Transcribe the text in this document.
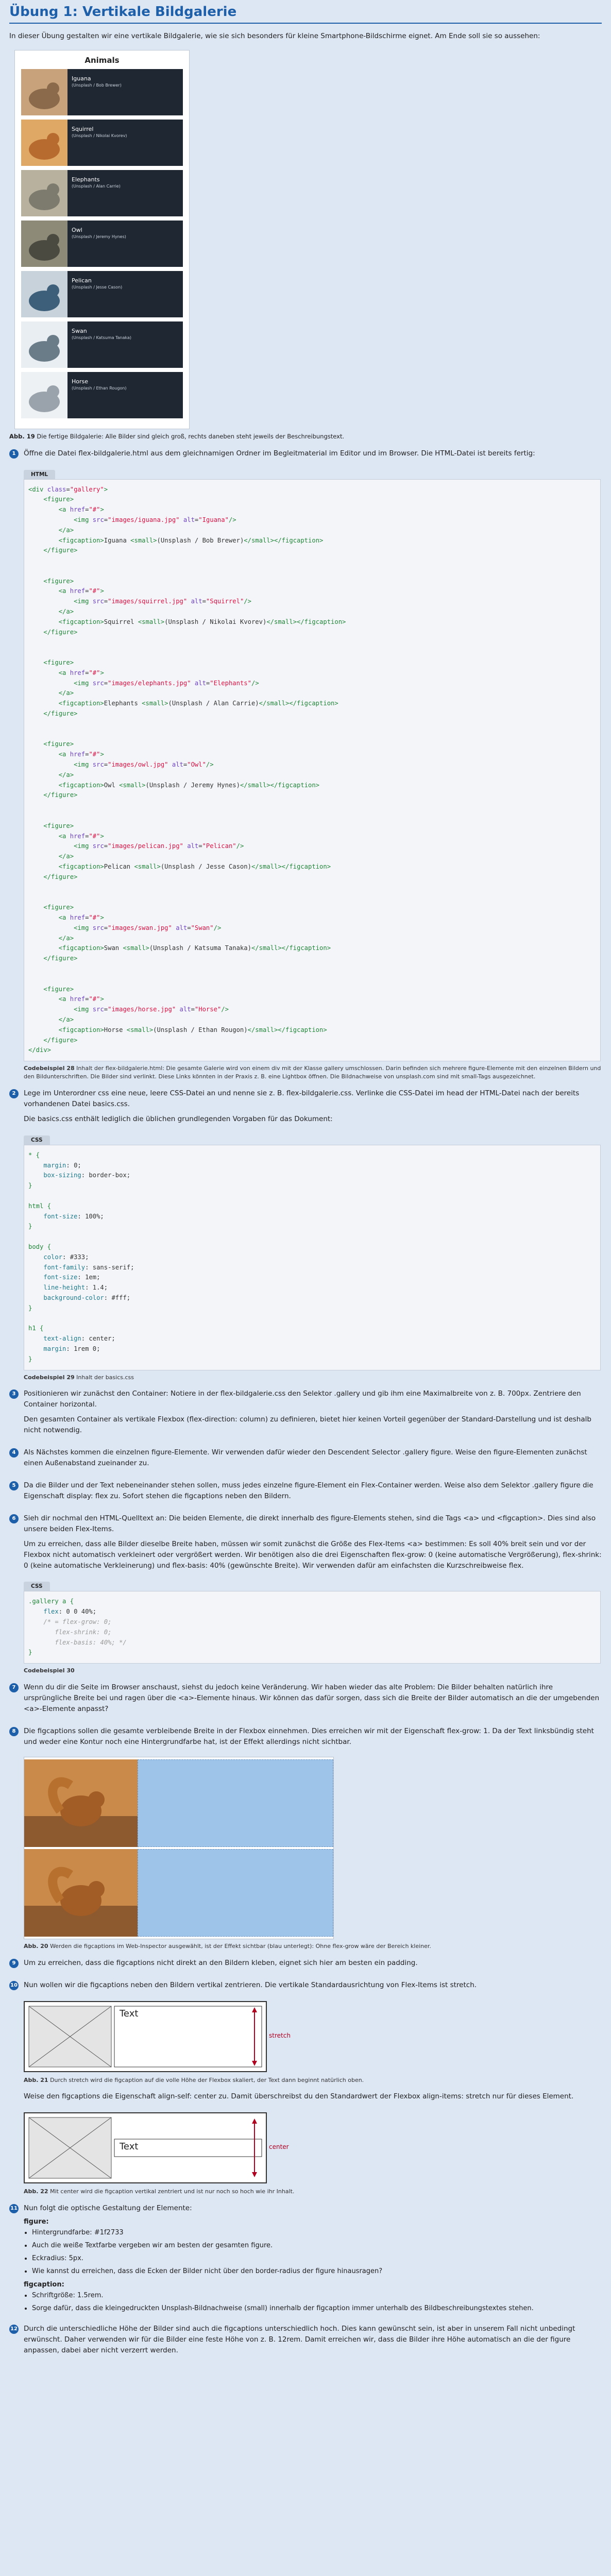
Übung 1: Vertikale Bildgalerie

In dieser Übung gestalten wir eine vertikale Bildgalerie, wie sie sich besonders für kleine Smartphone-Bildschirme eignet. Am Ende soll sie so aussehen:

Animals
Iguana
(Unsplash / Bob Brewer)
Squirrel
(Unsplash / Nikolai Kvorev)
Elephants
(Unsplash / Alan Carrie)
Owl
(Unsplash / Jeremy Hynes)
Pelican
(Unsplash / Jesse Cason)
Swan
(Unsplash / Katsuma Tanaka)
Horse
(Unsplash / Ethan Rougon)

Abb. 19 Die fertige Bildgalerie: Alle Bilder sind gleich groß, rechts daneben steht jeweils der Beschreibungstext.

1	Öffne die Datei flex-bildgalerie.html aus dem gleichnamigen Ordner im Begleitmaterial im Editor und im Browser. Die HTML-Datei ist bereits fertig:

HTML
<div class="gallery">
<figure>
<a href="#">
<img src="images/iguana.jpg" alt="Iguana"/>
</a>
<figcaption>Iguana <small>(Unsplash / Bob Brewer)</small></figcaption>
</figure>

<figure>
<a href="#">
<img src="images/squirrel.jpg" alt="Squirrel"/>
</a>
<figcaption>Squirrel <small>(Unsplash / Nikolai Kvorev)</small></figcaption>
</figure>

<figure>
<a href="#">
<img src="images/elephants.jpg" alt="Elephants"/>
</a>
<figcaption>Elephants <small>(Unsplash / Alan Carrie)</small></figcaption>
</figure>

<figure>
<a href="#">
<img src="images/owl.jpg" alt="Owl"/>
</a>
<figcaption>Owl <small>(Unsplash / Jeremy Hynes)</small></figcaption>
</figure>

<figure>
<a href="#">
<img src="images/pelican.jpg" alt="Pelican"/>
</a>
<figcaption>Pelican <small>(Unsplash / Jesse Cason)</small></figcaption>
</figure>

<figure>
<a href="#">
<img src="images/swan.jpg" alt="Swan"/>
</a>
<figcaption>Swan <small>(Unsplash / Katsuma Tanaka)</small></figcaption>
</figure>

<figure>
<a href="#">
<img src="images/horse.jpg" alt="Horse"/>
</a>
<figcaption>Horse <small>(Unsplash / Ethan Rougon)</small></figcaption>
</figure>
</div>

Codebeispiel 28 Inhalt der flex-bildgalerie.html: Die gesamte Galerie wird von einem div mit der Klasse gallery umschlossen. Darin befinden sich mehrere figure-Elemente mit den einzelnen Bildern und den Bildunterschriften. Die Bilder sind verlinkt. Diese Links könnten in der Praxis z. B. eine Lightbox öffnen. Die Bildnachweise von unsplash.com sind mit small-Tags ausgezeichnet.

2	Lege im Unterordner css eine neue, leere CSS-Datei an und nenne sie z. B. flex-bildgalerie.css. Verlinke die CSS-Datei im head der HTML-Datei nach der bereits vorhandenen Datei basics.css.

Die basics.css enthält lediglich die üblichen grundlegenden Vorgaben für das Dokument:

CSS
* {
margin: 0;
box-sizing: border-box;
}

html {
font-size: 100%;
}

body {
color: #333;
font-family: sans-serif;
font-size: 1em;
line-height: 1.4;
background-color: #fff;
}

h1 {
text-align: center;
margin: 1rem 0;
}

Codebeispiel 29 Inhalt der basics.css

3	Positionieren wir zunächst den Container: Notiere in der flex-bildgalerie.css den Selektor .gallery und gib ihm eine Maximalbreite von z. B. 700px. Zentriere den Container horizontal.

Den gesamten Container als vertikale Flexbox (flex-direction: column) zu definieren, bietet hier keinen Vorteil gegenüber der Standard-Darstellung und ist deshalb nicht notwendig.

4	Als Nächstes kommen die einzelnen figure-Elemente. Wir verwenden dafür wieder den Descendent Selector .gallery figure. Weise den figure-Elementen zunächst einen Außenabstand zueinander zu.

5	Da die Bilder und der Text nebeneinander stehen sollen, muss jedes einzelne figure-Element ein Flex-Container werden. Weise also dem Selektor .gallery figure die Eigenschaft display: flex zu. Sofort stehen die figcaptions neben den Bildern.

6	Sieh dir nochmal den HTML-Quelltext an: Die beiden Elemente, die direkt innerhalb des figure-Elements stehen, sind die Tags <a> und <figcaption>. Dies sind also unsere beiden Flex-Items.

Um zu erreichen, dass alle Bilder dieselbe Breite haben, müssen wir somit zunächst die Größe des Flex-Items <a> bestimmen: Es soll 40% breit sein und vor der Flexbox nicht automatisch verkleinert oder vergrößert werden. Wir benötigen also die drei Eigenschaften flex-grow: 0 (keine automatische Vergrößerung), flex-shrink: 0 (keine automatische Verkleinerung) und flex-basis: 40% (gewünschte Breite). Wir verwenden dafür am einfachsten die Kurzschreibweise flex.

CSS
.gallery a {
flex: 0 0 40%;
/* = flex-grow: 0;
flex-shrink: 0;
flex-basis: 40%; */
}

Codebeispiel 30

7	Wenn du dir die Seite im Browser anschaust, siehst du jedoch keine Veränderung. Wir haben wieder das alte Problem: Die Bilder behalten natürlich ihre ursprüngliche Breite bei und ragen über die <a>-Elemente hinaus. Wir können das dafür sorgen, dass sich die Breite der Bilder automatisch an die der umgebenden <a>-Elemente anpasst?

8	Die figcaptions sollen die gesamte verbleibende Breite in der Flexbox einnehmen. Dies erreichen wir mit der Eigenschaft flex-grow: 1. Da der Text linksbündig steht und weder eine Kontur noch eine Hintergrundfarbe hat, ist der Effekt allerdings nicht sichtbar.

Abb. 20 Werden die figcaptions im Web-Inspector ausgewählt, ist der Effekt sichtbar (blau unterlegt): Ohne flex-grow wäre der Bereich kleiner.

9	Um zu erreichen, dass die figcaptions nicht direkt an den Bildern kleben, eignet sich hier am besten ein padding.

10 Nun wollen wir die figcaptions neben den Bildern vertikal zentrieren. Die vertikale Standardausrichtung von Flex-Items ist stretch.

Text
stretch

Abb. 21 Durch stretch wird die figcaption auf die volle Höhe der Flexbox skaliert, der Text dann beginnt natürlich oben.

Weise den figcaptions die Eigenschaft align-self: center zu. Damit überschreibst du den Standardwert der Flexbox align-items: stretch nur für dieses Element.

Text	center

Abb. 22 Mit center wird die figcaption vertikal zentriert und ist nur noch so hoch wie ihr Inhalt.

11 Nun folgt die optische Gestaltung der Elemente:

figure:
• Hintergrundfarbe: #1f2733
• Auch die weiße Textfarbe vergeben wir am besten der gesamten figure.
• Eckradius: 5px.
• Wie kannst du erreichen, dass die Ecken der Bilder nicht über den border-radius der figure hinausragen?
figcaption:
• Schriftgröße: 1.5rem.
• Sorge dafür, dass die kleingedruckten Unsplash-Bildnachweise (small) innerhalb der figcaption immer unterhalb des Bildbeschreibungstextes stehen.
12 Durch die unterschiedliche Höhe der Bilder sind auch die figcaptions unterschiedlich hoch. Dies kann gewünscht sein, ist aber in unserem Fall nicht unbedingt erwünscht. Daher verwenden wir für die Bilder eine feste Höhe von z. B. 12rem. Damit erreichen wir, dass die Bilder ihre Höhe automatisch an die der figure anpassen, dabei aber nicht verzerrt werden.
